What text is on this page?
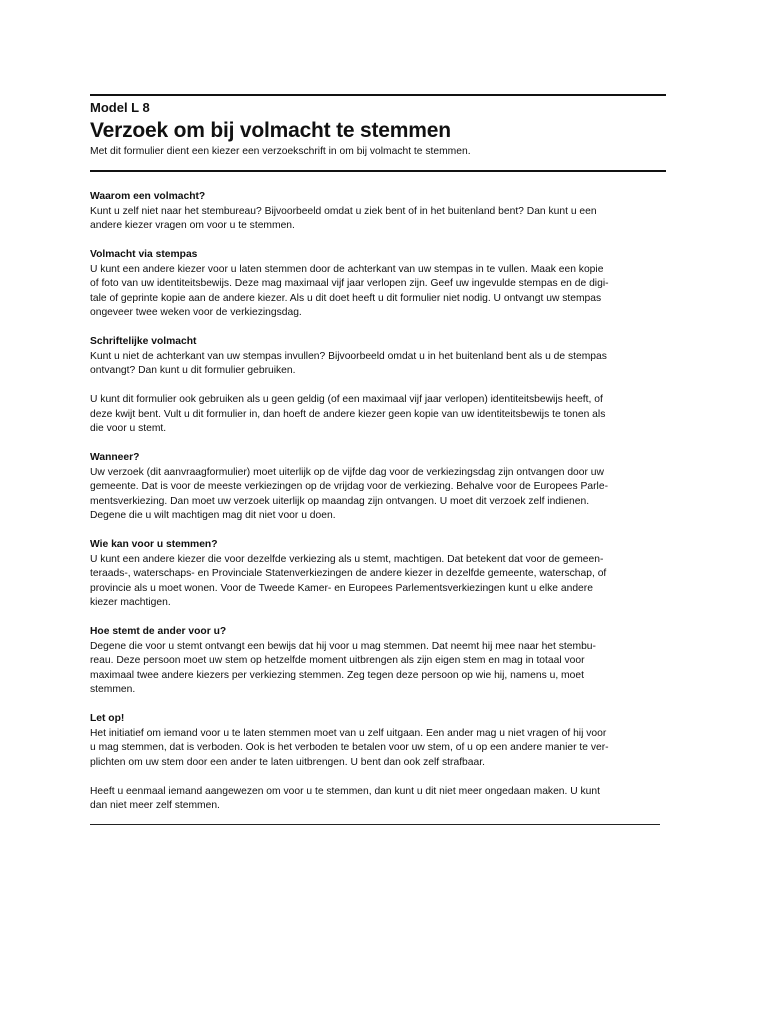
Model L 8
Verzoek om bij volmacht te stemmen
Met dit formulier dient een kiezer een verzoekschrift in om bij volmacht te stemmen.
Waarom een volmacht?

Kunt u zelf niet naar het stembureau? Bijvoorbeeld omdat u ziek bent of in het buitenland bent? Dan kunt u een
andere kiezer vragen om voor u te stemmen.

Volmacht via stempas

U kunt een andere kiezer voor u laten stemmen door de achterkant van uw stempas in te vullen. Maak een kopie
of foto van uw identiteitsbewijs. Deze mag maximaal vijf jaar verlopen zijn. Geef uw ingevulde stempas en de digi-
tale of geprinte kopie aan de andere kiezer. Als u dit doet heeft u dit formulier niet nodig. U ontvangt uw stempas
ongeveer twee weken voor de verkiezingsdag.

Schriftelijke volmacht

Kunt u niet de achterkant van uw stempas invullen? Bijvoorbeeld omdat u in het buitenland bent als u de stempas
ontvangt? Dan kunt u dit formulier gebruiken.

U kunt dit formulier ook gebruiken als u geen geldig (of een maximaal vijf jaar verlopen) identiteitsbewijs heeft, of
deze kwijt bent. Vult u dit formulier in, dan hoeft de andere kiezer geen kopie van uw identiteitsbewijs te tonen als
die voor u stemt.

Wanneer?

Uw verzoek (dit aanvraagformulier) moet uiterlijk op de vijfde dag voor de verkiezingsdag zijn ontvangen door uw
gemeente. Dat is voor de meeste verkiezingen op de vrijdag voor de verkiezing. Behalve voor de Europees Parle-
mentsverkiezing. Dan moet uw verzoek uiterlijk op maandag zijn ontvangen. U moet dit verzoek zelf indienen.
Degene die u wilt machtigen mag dit niet voor u doen.

Wie kan voor u stemmen?

U kunt een andere kiezer die voor dezelfde verkiezing als u stemt, machtigen. Dat betekent dat voor de gemeen-
teraads-, waterschaps- en Provinciale Statenverkiezingen de andere kiezer in dezelfde gemeente, waterschap, of
provincie als u moet wonen. Voor de Tweede Kamer- en Europees Parlementsverkiezingen kunt u elke andere
kiezer machtigen.

Hoe stemt de ander voor u?

Degene die voor u stemt ontvangt een bewijs dat hij voor u mag stemmen. Dat neemt hij mee naar het stembu-
reau. Deze persoon moet uw stem op hetzelfde moment uitbrengen als zijn eigen stem en mag in totaal voor
maximaal twee andere kiezers per verkiezing stemmen. Zeg tegen deze persoon op wie hij, namens u, moet
stemmen.

Let op!

Het initiatief om iemand voor u te laten stemmen moet van u zelf uitgaan. Een ander mag u niet vragen of hij voor
u mag stemmen, dat is verboden. Ook is het verboden te betalen voor uw stem, of u op een andere manier te ver-
plichten om uw stem door een ander te laten uitbrengen. U bent dan ook zelf strafbaar.

Heeft u eenmaal iemand aangewezen om voor u te stemmen, dan kunt u dit niet meer ongedaan maken. U kunt
dan niet meer zelf stemmen.
